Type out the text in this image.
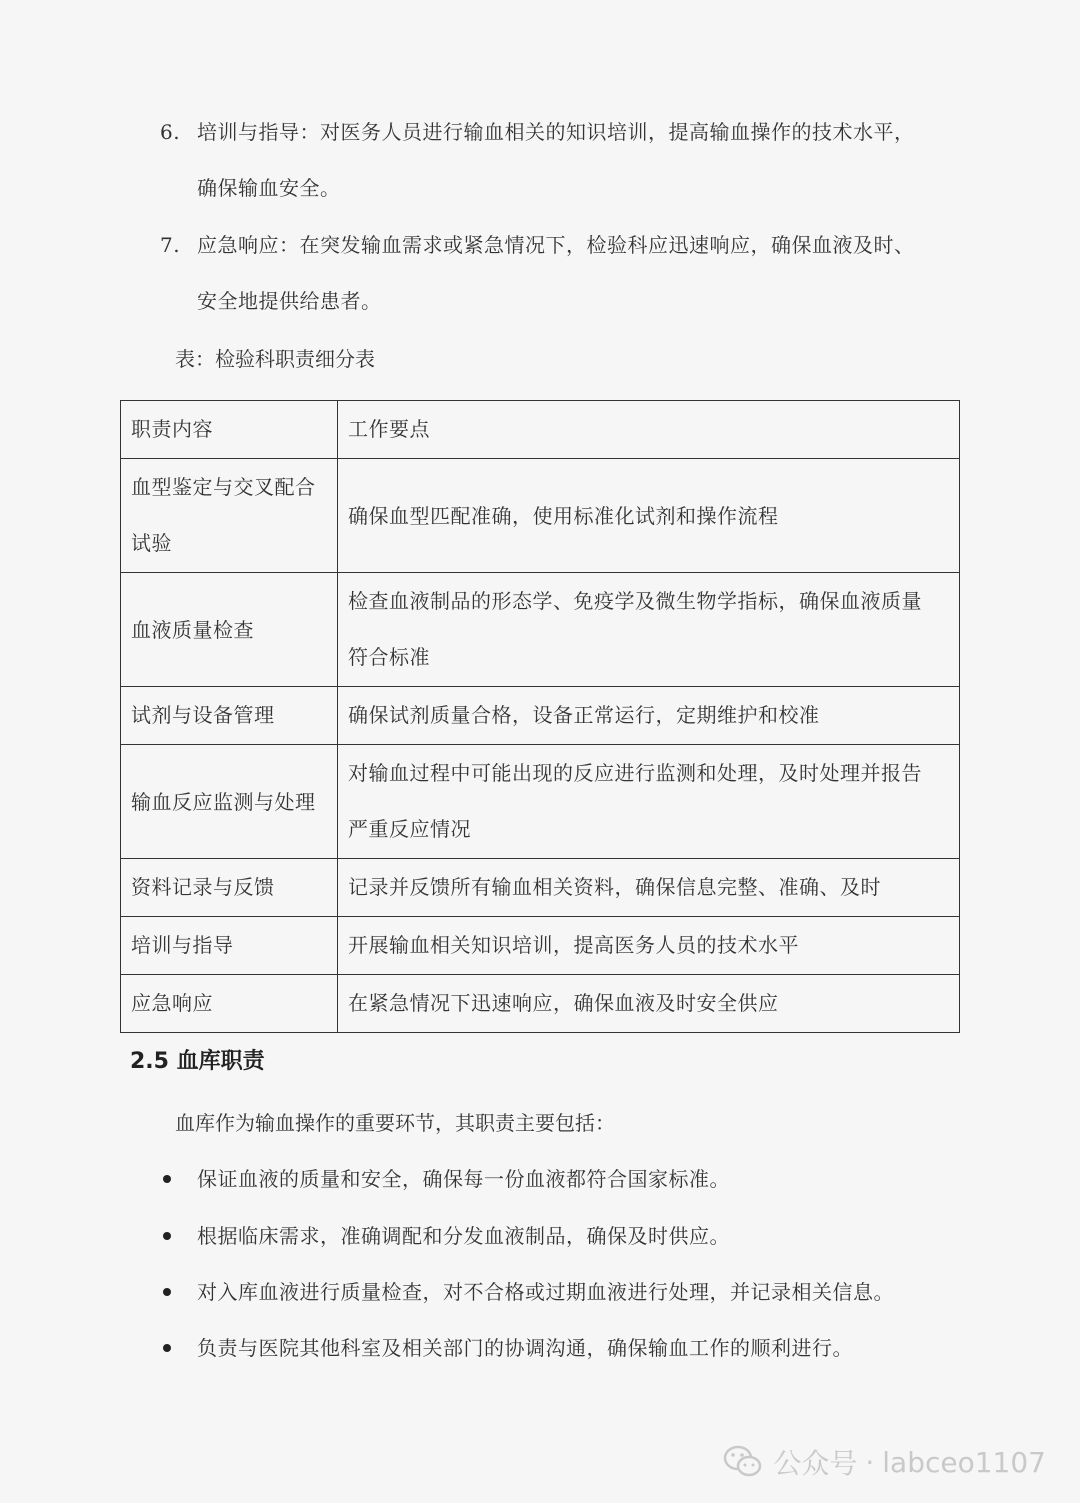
6. 培训与指导：对医务人员进行输血相关的知识培训，提高输血操作的技术水平，
确保输血安全。
7. 应急响应：在突发输血需求或紧急情况下，检验科应迅速响应，确保血液及时、
安全地提供给患者。
表：检验科职责细分表
职责内容	工作要点

血型鉴定与交叉配合
试验	确保血型匹配准确，使用标准化试剂和操作流程

血液质量检查	检查血液制品的形态学、免疫学及微生物学指标，确保血液质量
符合标准

试剂与设备管理	确保试剂质量合格，设备正常运行，定期维护和校准

输血反应监测与处理	对输血过程中可能出现的反应进行监测和处理，及时处理并报告
严重反应情况

资料记录与反馈	记录并反馈所有输血相关资料，确保信息完整、准确、及时

培训与指导	开展输血相关知识培训，提高医务人员的技术水平

应急响应	在紧急情况下迅速响应，确保血液及时安全供应
2.5 血库职责
血库作为输血操作的重要环节，其职责主要包括：
保证血液的质量和安全，确保每一份血液都符合国家标准。
根据临床需求，准确调配和分发血液制品，确保及时供应。
对入库血液进行质量检查，对不合格或过期血液进行处理，并记录相关信息。
负责与医院其他科室及相关部门的协调沟通，确保输血工作的顺利进行。
公众号 · labceo1107
